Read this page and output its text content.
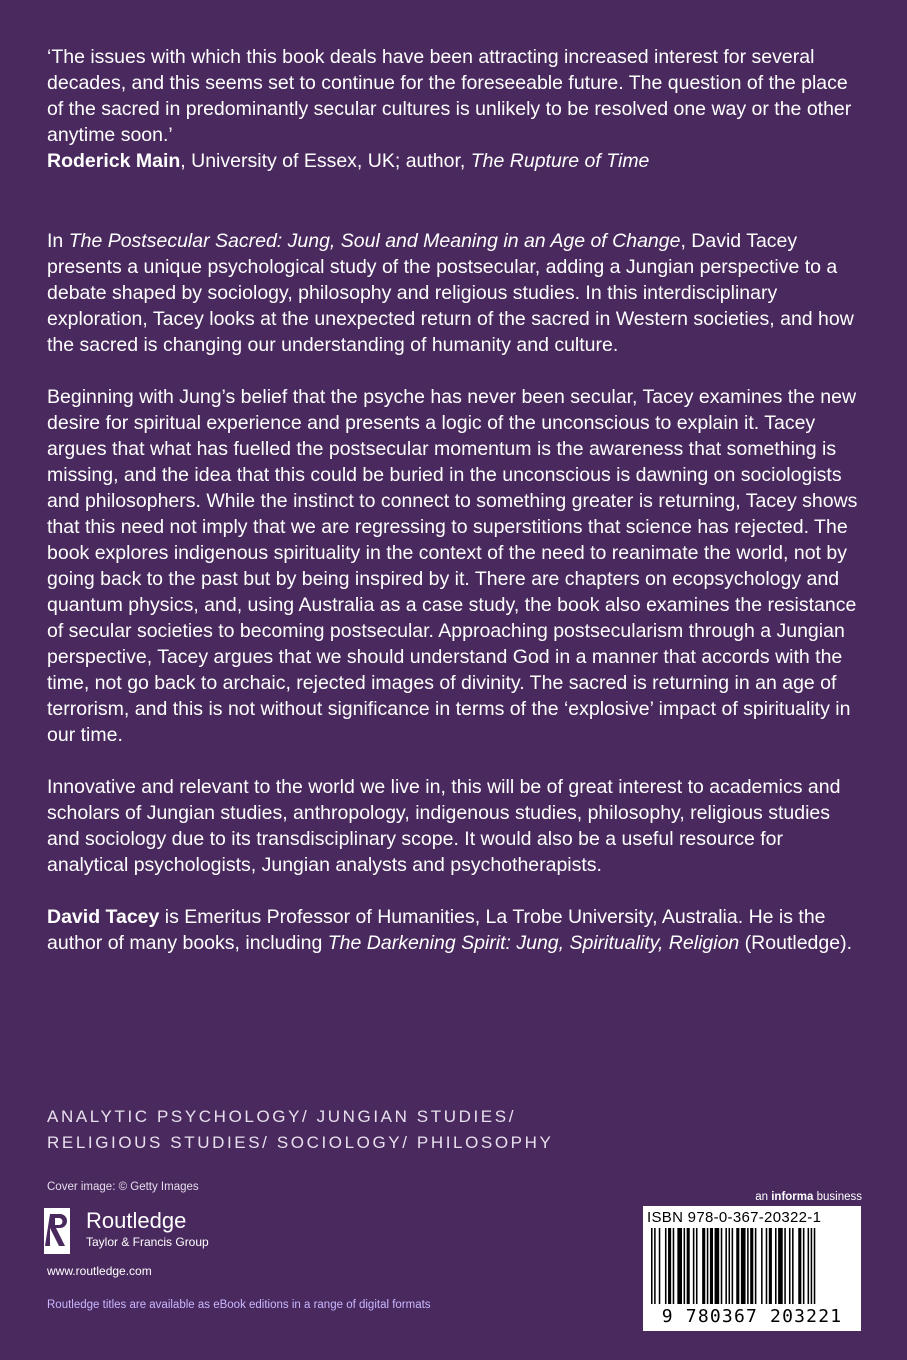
‘The issues with which this book deals have been attracting increased interest for several decades, and this seems set to continue for the foreseeable future. The question of the place of the sacred in predominantly secular cultures is unlikely to be resolved one way or the other anytime soon.’
Roderick Main, University of Essex, UK; author, The Rupture of Time

In The Postsecular Sacred: Jung, Soul and Meaning in an Age of Change, David Tacey presents a unique psychological study of the postsecular, adding a Jungian perspective to a debate shaped by sociology, philosophy and religious studies. In this interdisciplinary exploration, Tacey looks at the unexpected return of the sacred in Western societies, and how the sacred is changing our understanding of humanity and culture.

Beginning with Jung’s belief that the psyche has never been secular, Tacey examines the new desire for spiritual experience and presents a logic of the unconscious to explain it. Tacey argues that what has fuelled the postsecular momentum is the awareness that something is missing, and the idea that this could be buried in the unconscious is dawning on sociologists and philosophers. While the instinct to connect to something greater is returning, Tacey shows that this need not imply that we are regressing to superstitions that science has rejected. The book explores indigenous spirituality in the context of the need to reanimate the world, not by going back to the past but by being inspired by it. There are chapters on ecopsychology and quantum physics, and, using Australia as a case study, the book also examines the resistance of secular societies to becoming postsecular. Approaching postsecularism through a Jungian perspective, Tacey argues that we should understand God in a manner that accords with the time, not go back to archaic, rejected images of divinity. The sacred is returning in an age of terrorism, and this is not without significance in terms of the ‘explosive’ impact of spirituality in our time.

Innovative and relevant to the world we live in, this will be of great interest to academics and scholars of Jungian studies, anthropology, indigenous studies, philosophy, religious studies and sociology due to its transdisciplinary scope. It would also be a useful resource for analytical psychologists, Jungian analysts and psychotherapists.

David Tacey is Emeritus Professor of Humanities, La Trobe University, Australia. He is the author of many books, including The Darkening Spirit: Jung, Spirituality, Religion (Routledge).

ANALYTIC PSYCHOLOGY/ JUNGIAN STUDIES/
RELIGIOUS STUDIES/ SOCIOLOGY/ PHILOSOPHY
Cover image: © Getty Images
Routledge
Taylor & Francis Group
www.routledge.com
Routledge titles are available as eBook editions in a range of digital formats
an informa business
ISBN 978-0-367-20322-1
9 780367 203221
